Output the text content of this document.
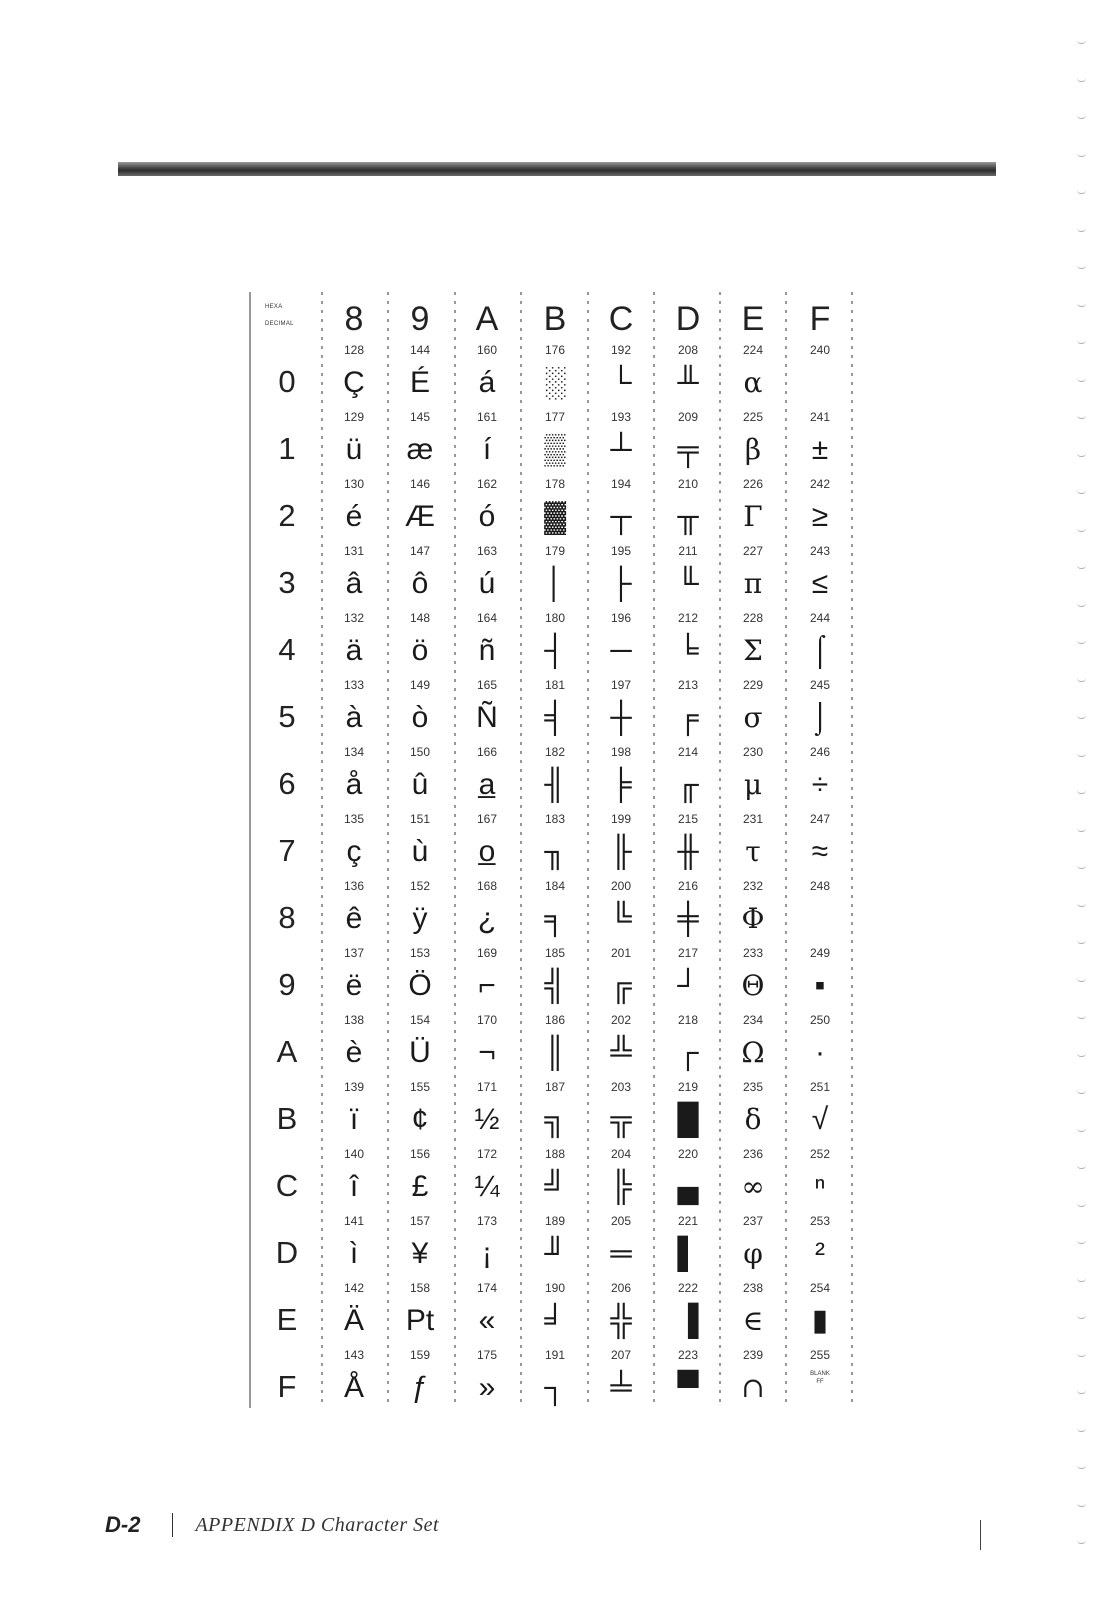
HEXA
DECIMAL 8 9 A B C D E F
0
1
2
3
4
5
6
7
8
9
A
B
C
D
E
F
128
Ç
129
ü
130
é
131
â
132
ä
133
à
134
å
135
ç
136
ê
137
ë
138
è
139
ï
140
î
141
ì
142
Ä
143
Å
144
É
145
æ
146
Æ
147
ô
148
ö
149
ò
150
û
151
ù
152
ÿ
153
Ö
154
Ü
155
¢
156
£
157
¥
158
Pt
159
ƒ
160
á
161
í
162
ó
163
ú
164
ñ
165
Ñ
166
a̲
167
o̲
168
¿
169
⌐
170
¬
171
½
172
¼
173
¡
174
«
175
»
176
░
177
▒
178
▓
179
│
180
┤
181
╡
182
╢
183
╖
184
╕
185
╣
186
║
187
╗
188
╝
189
╜
190
╛
191
┐
192
└
193
┴
194
┬
195
├
196
─
197
┼
198
╞
199
╟
200
╚
201
╔
202
╩
203
╦
204
╠
205
═
206
╬
207
╧
208
╨
209
╤
210
╥
211
╙
212
╘
213
╒
214
╓
215
╫
216
╪
217
┘
218
┌
219
█
220
▄
221
▌
222
▐
223
▀
224
α
225
β
226
Γ
227
π
228
Σ
229
σ
230
μ
231
τ
232
Φ
233
Θ
234
Ω
235
δ
236
∞
237
φ
238
∈
239
∩
240
241
±
242
≥
243
≤
244
⌠
245
⌡
246
÷
247
≈
248
249
▪
250
·
251
√
252
ⁿ
253
²
254
▮
255
BLANK
FF
D-2	APPENDIX D Character Set
